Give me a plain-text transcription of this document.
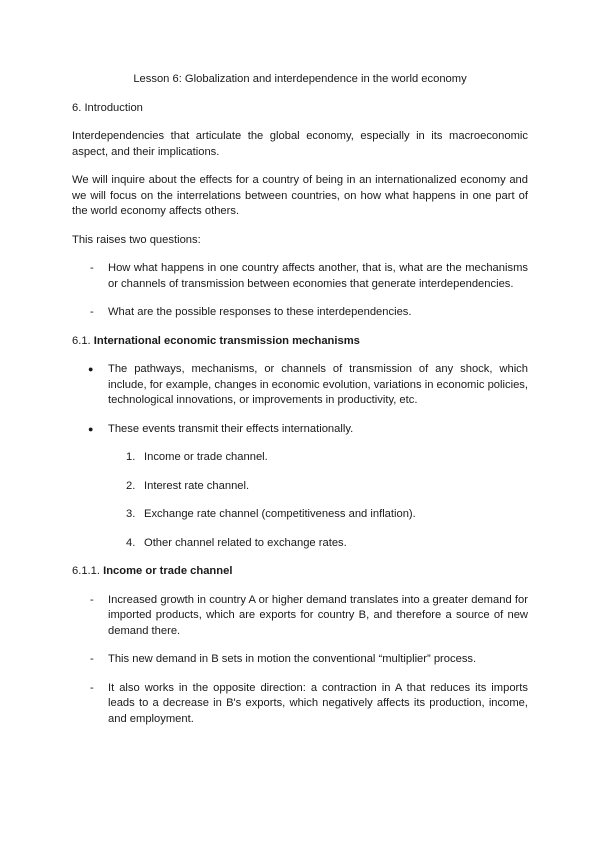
Lesson 6: Globalization and interdependence in the world economy

6. Introduction

Interdependencies that articulate the global economy, especially in its macroeconomic aspect, and their implications.

We will inquire about the effects for a country of being in an internationalized economy and we will focus on the interrelations between countries, on how what happens in one part of the world economy affects others.

This raises two questions:

- How what happens in one country affects another, that is, what are the mechanisms or channels of transmission between economies that generate interdependencies.
- What are the possible responses to these interdependencies.

6.1. International economic transmission mechanisms

● The pathways, mechanisms, or channels of transmission of any shock, which include, for example, changes in economic evolution, variations in economic policies, technological innovations, or improvements in productivity, etc.
● These events transmit their effects internationally.
1. Income or trade channel.
2. Interest rate channel.
3. Exchange rate channel (competitiveness and inflation).
4. Other channel related to exchange rates.

6.1.1. Income or trade channel

- Increased growth in country A or higher demand translates into a greater demand for imported products, which are exports for country B, and therefore a source of new demand there.
- This new demand in B sets in motion the conventional “multiplier” process.
- It also works in the opposite direction: a contraction in A that reduces its imports leads to a decrease in B's exports, which negatively affects its production, income, and employment.
